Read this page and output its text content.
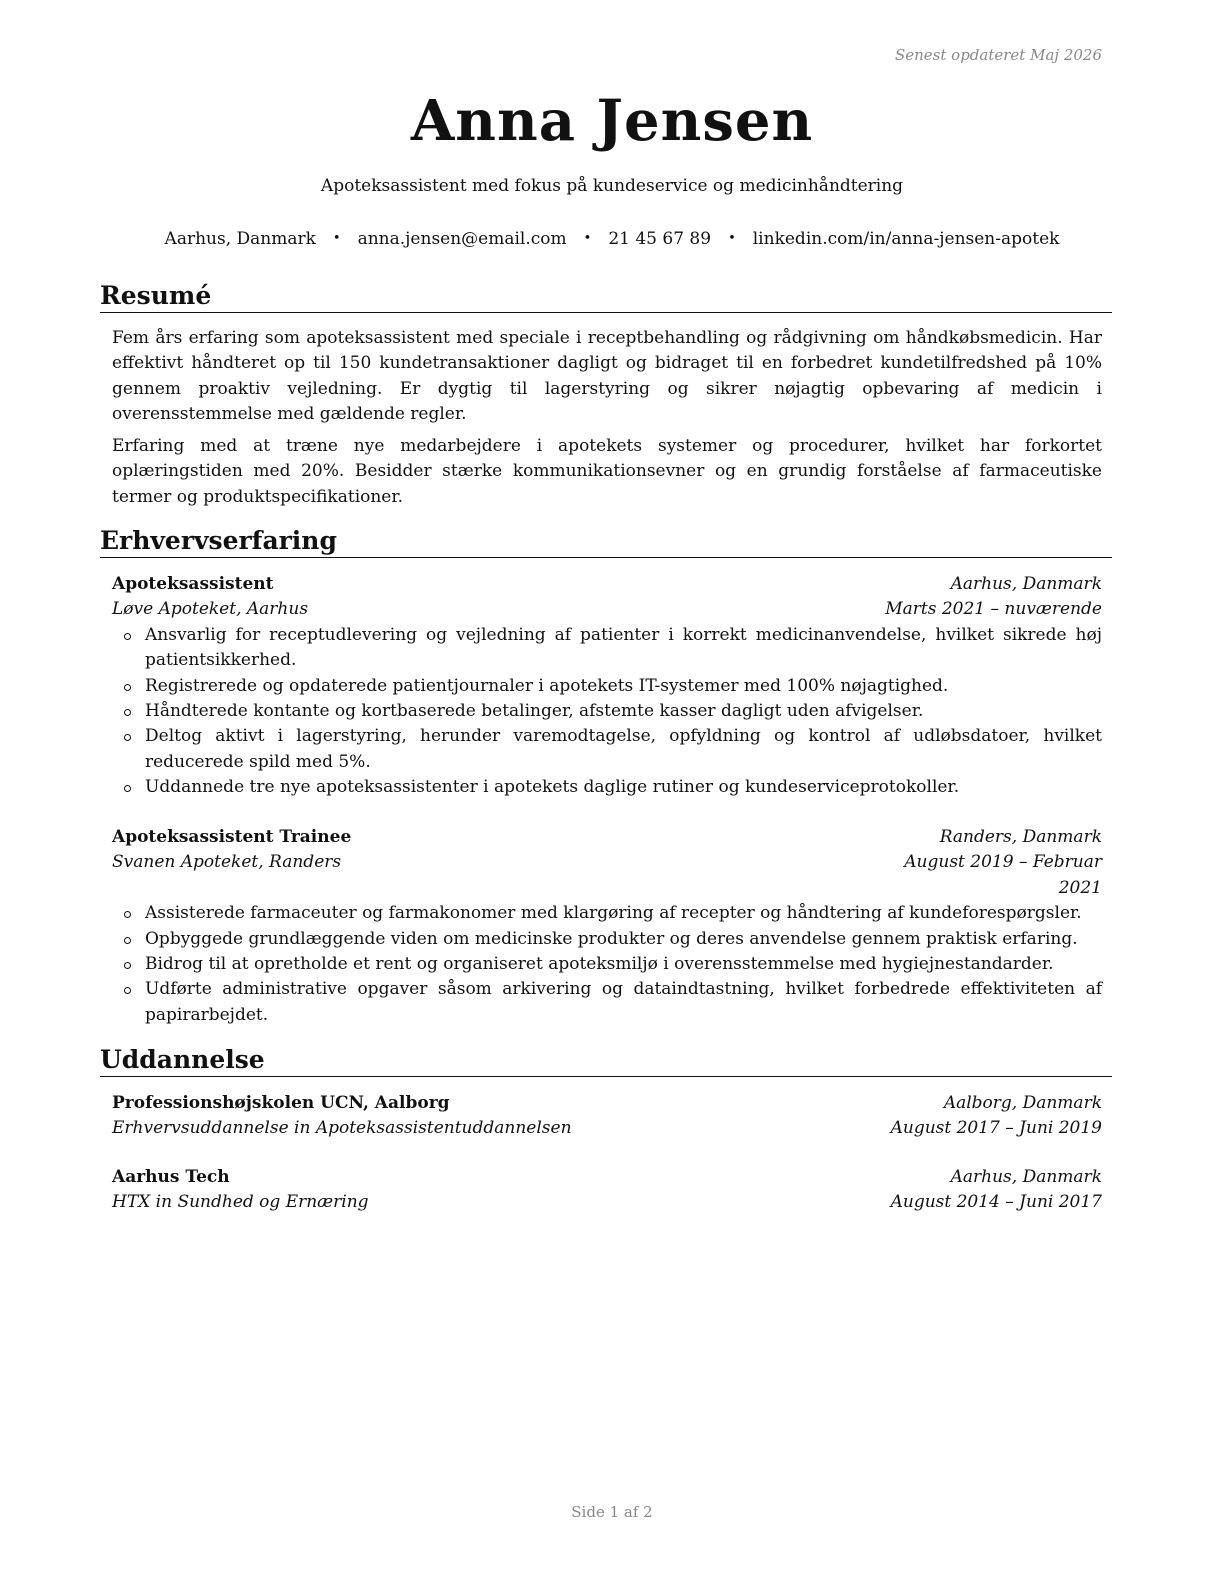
Senest opdateret Maj 2026
Anna Jensen
Apoteksassistent med fokus på kundeservice og medicinhåndtering
Aarhus, Danmark • anna.jensen@email.com • 21 45 67 89 • linkedin.com/in/anna-jensen-apotek
Resumé

Fem års erfaring som apoteksassistent med speciale i receptbehandling og rådgivning om håndkøbsmedicin. Har effektivt håndteret op til 150 kundetransaktioner dagligt og bidraget til en forbedret kundetilfredshed på 10% gennem proaktiv vejledning. Er dygtig til lagerstyring og sikrer nøjagtig opbevaring af medicin i overensstemmelse med gældende regler.

Erfaring med at træne nye medarbejdere i apotekets systemer og procedurer, hvilket har forkortet oplæringstiden med 20%. Besidder stærke kommunikationsevner og en grundig forståelse af farmaceutiske termer og produktspecifikationer.

Erhvervserfaring
Apoteksassistent	Aarhus, Danmark
Løve Apoteket, Aarhus	Marts 2021 – nuværende
Ansvarlig for receptudlevering og vejledning af patienter i korrekt medicinanvendelse, hvilket sikrede høj patientsikkerhed.
Registrerede og opdaterede patientjournaler i apotekets IT-systemer med 100% nøjagtighed.
Håndterede kontante og kortbaserede betalinger, afstemte kasser dagligt uden afvigelser.
Deltog aktivt i lagerstyring, herunder varemodtagelse, opfyldning og kontrol af udløbsdatoer, hvilket reducerede spild med 5%.
Uddannede tre nye apoteksassistenter i apotekets daglige rutiner og kundeserviceprotokoller.
Apoteksassistent Trainee	Randers, Danmark
Svanen Apoteket, Randers	August 2019 – Februar 2021
Assisterede farmaceuter og farmakonomer med klargøring af recepter og håndtering af kundeforespørgsler.
Opbyggede grundlæggende viden om medicinske produkter og deres anvendelse gennem praktisk erfaring.
Bidrog til at opretholde et rent og organiseret apoteksmiljø i overensstemmelse med hygiejnestandarder.
Udførte administrative opgaver såsom arkivering og dataindtastning, hvilket forbedrede effektiviteten af papirarbejdet.
Uddannelse
Professionshøjskolen UCN, Aalborg	Aalborg, Danmark
Erhvervsuddannelse in Apoteksassistentuddannelsen	August 2017 – Juni 2019
Aarhus Tech	Aarhus, Danmark
HTX in Sundhed og Ernæring	August 2014 – Juni 2017
Side 1 af 2
